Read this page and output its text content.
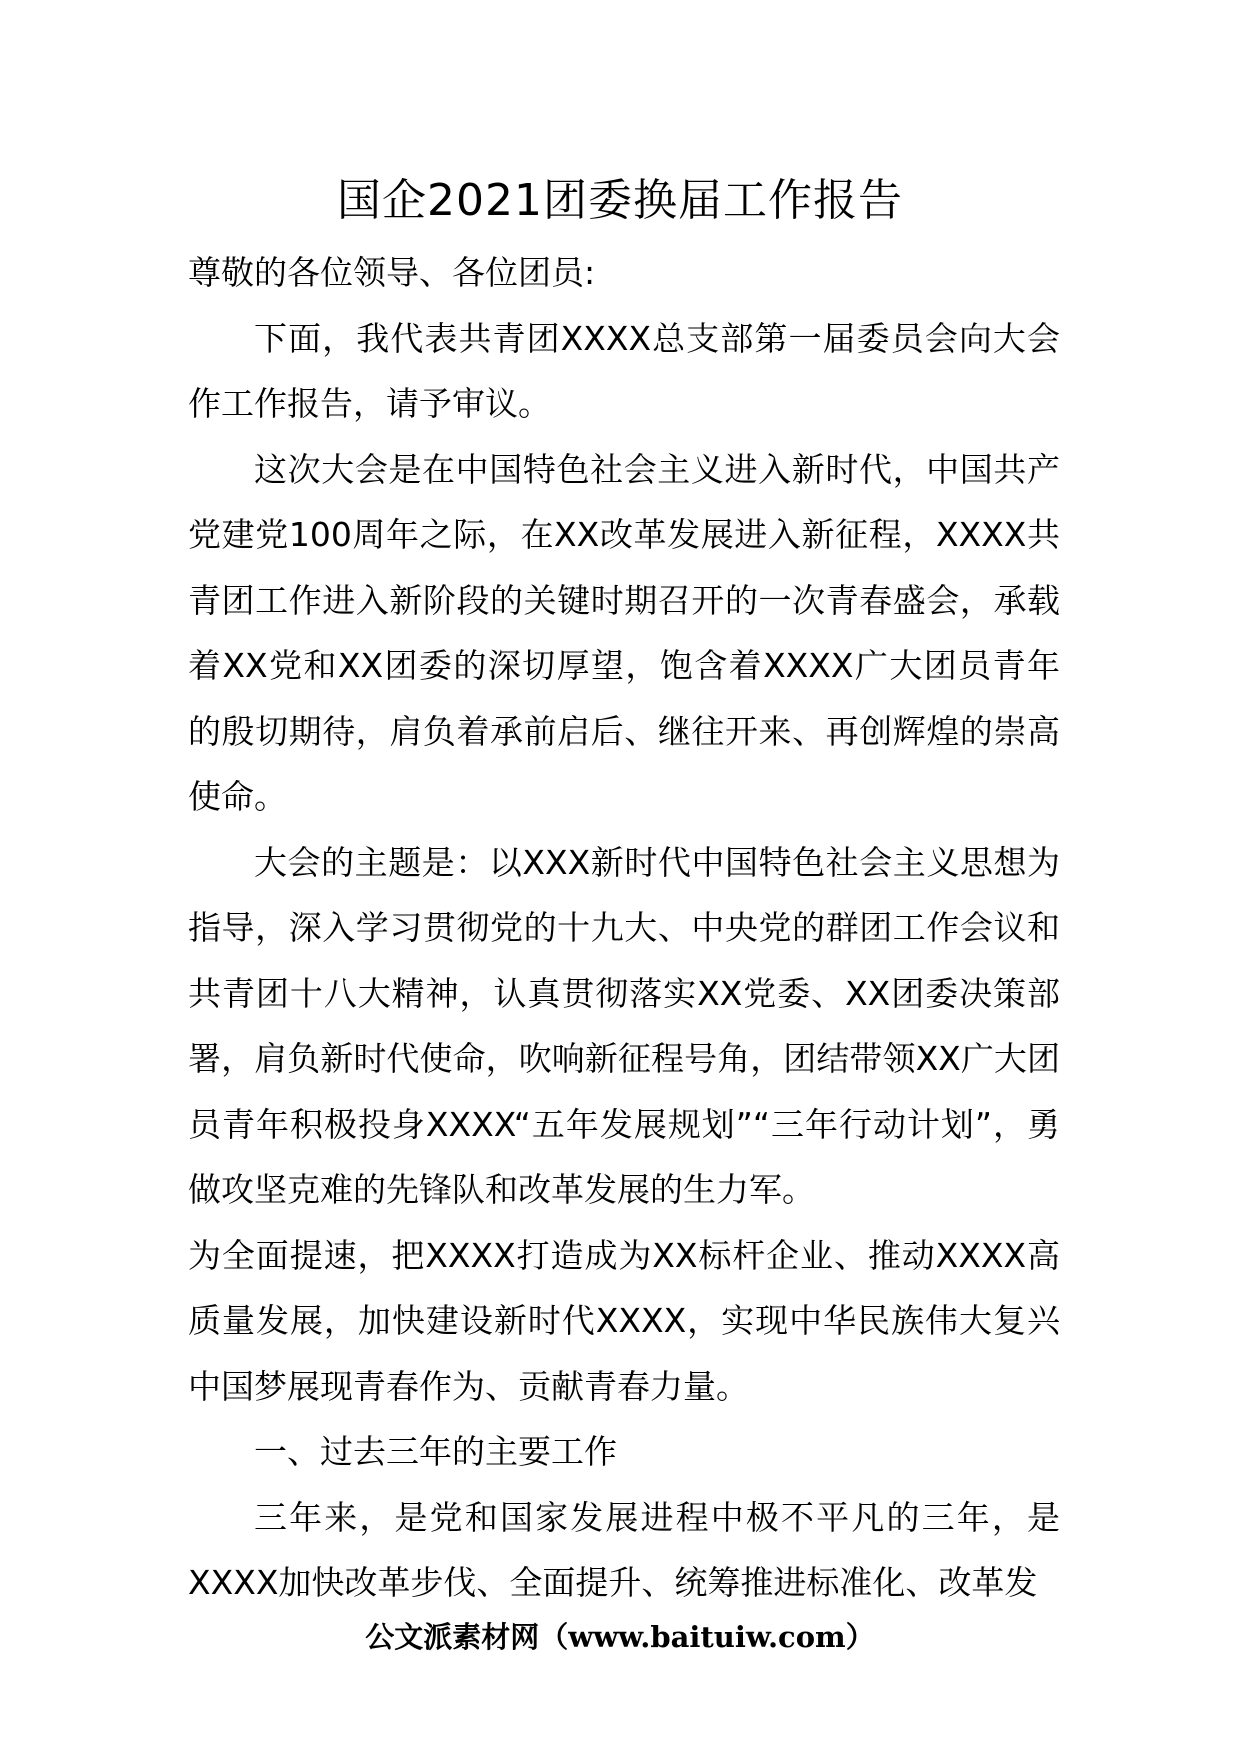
国企2021团委换届工作报告

尊敬的各位领导、各位团员:

下面，我代表共青团XXXX总支部第一届委员会向大会作工作报告，请予审议。

这次大会是在中国特色社会主义进入新时代，中国共产党建党100周年之际，在XX改革发展进入新征程，XXXX共青团工作进入新阶段的关键时期召开的一次青春盛会，承载着XX党和XX团委的深切厚望，饱含着XXXX广大团员青年的殷切期待，肩负着承前启后、继往开来、再创辉煌的崇高使命。

大会的主题是：以XXX新时代中国特色社会主义思想为指导，深入学习贯彻党的十九大、中央党的群团工作会议和共青团十八大精神，认真贯彻落实XX党委、XX团委决策部署，肩负新时代使命，吹响新征程号角，团结带领XX广大团员青年积极投身XXXX“五年发展规划”“三年行动计划”，勇做攻坚克难的先锋队和改革发展的生力军。

为全面提速，把XXXX打造成为XX标杆企业、推动XXXX高质量发展，加快建设新时代XXXX，实现中华民族伟大复兴中国梦展现青春作为、贡献青春力量。

一、过去三年的主要工作

三年来，是党和国家发展进程中极不平凡的三年，是XXXX加快改革步伐、全面提升、统筹推进标准化、改革发

公文派素材网（www.baituiw.com）
